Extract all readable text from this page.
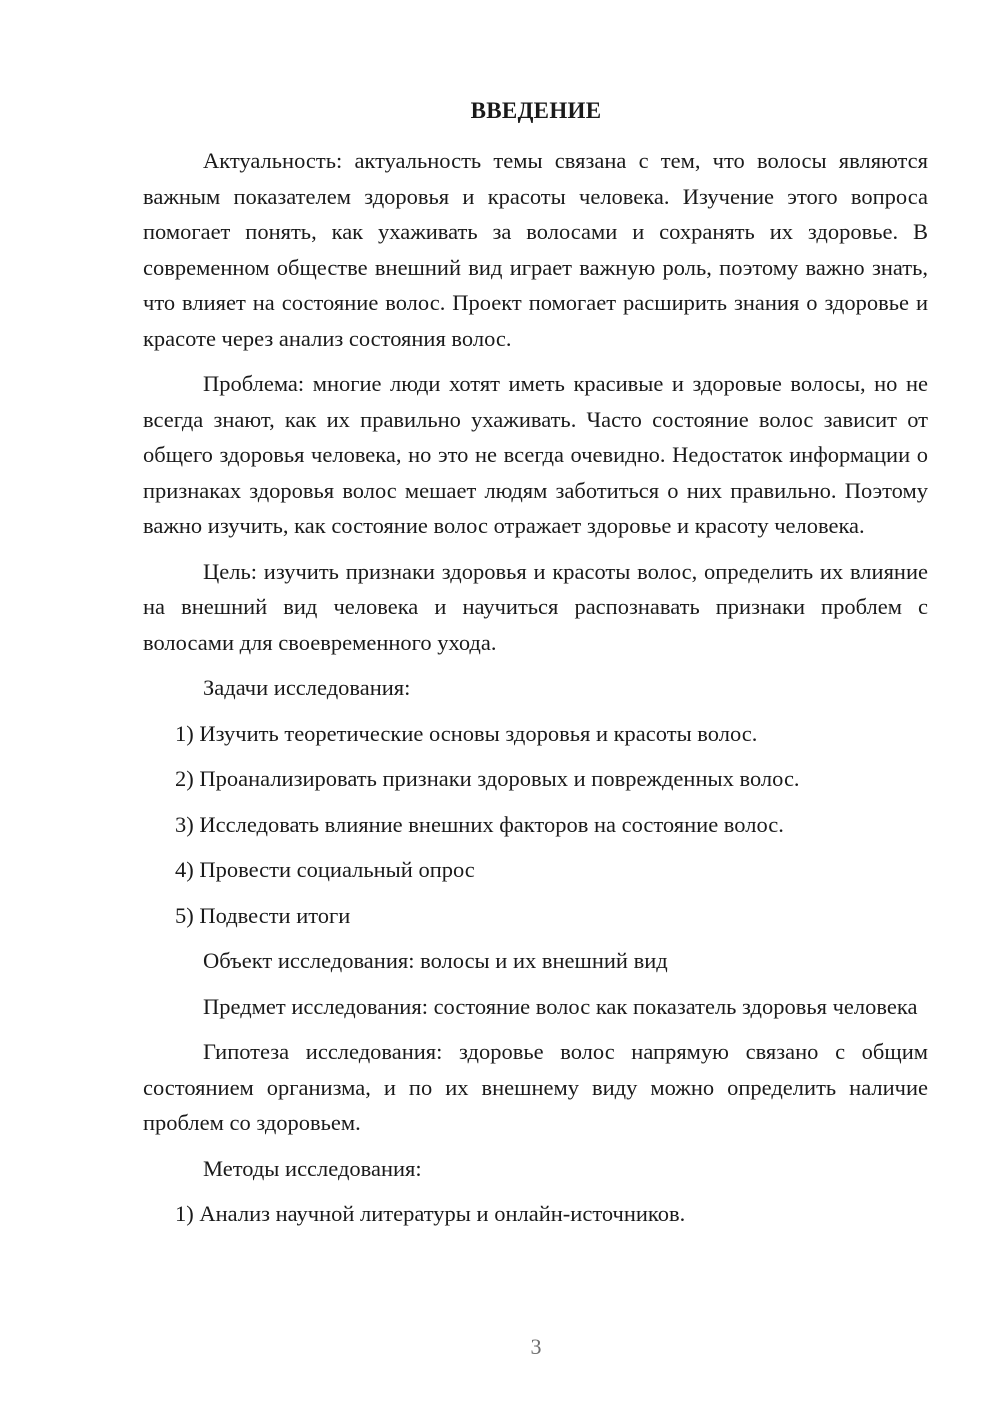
ВВЕДЕНИЕ

Актуальность: актуальность темы связана с тем, что волосы являются важным показателем здоровья и красоты человека. Изучение этого вопроса помогает понять, как ухаживать за волосами и сохранять их здоровье. В современном обществе внешний вид играет важную роль, поэтому важно знать, что влияет на состояние волос. Проект помогает расширить знания о здоровье и красоте через анализ состояния волос.

Проблема: многие люди хотят иметь красивые и здоровые волосы, но не всегда знают, как их правильно ухаживать. Часто состояние волос зависит от общего здоровья человека, но это не всегда очевидно. Недостаток информации о признаках здоровья волос мешает людям заботиться о них правильно. Поэтому важно изучить, как состояние волос отражает здоровье и красоту человека.

Цель: изучить признаки здоровья и красоты волос, определить их влияние на внешний вид человека и научиться распознавать признаки проблем с волосами для своевременного ухода.

Задачи исследования:

1) Изучить теоретические основы здоровья и красоты волос.

2) Проанализировать признаки здоровых и поврежденных волос.

3) Исследовать влияние внешних факторов на состояние волос.

4) Провести социальный опрос

5) Подвести итоги

Объект исследования: волосы и их внешний вид

Предмет исследования: состояние волос как показатель здоровья человека

Гипотеза исследования: здоровье волос напрямую связано с общим состоянием организма, и по их внешнему виду можно определить наличие проблем со здоровьем.

Методы исследования:

1) Анализ научной литературы и онлайн-источников.

3
